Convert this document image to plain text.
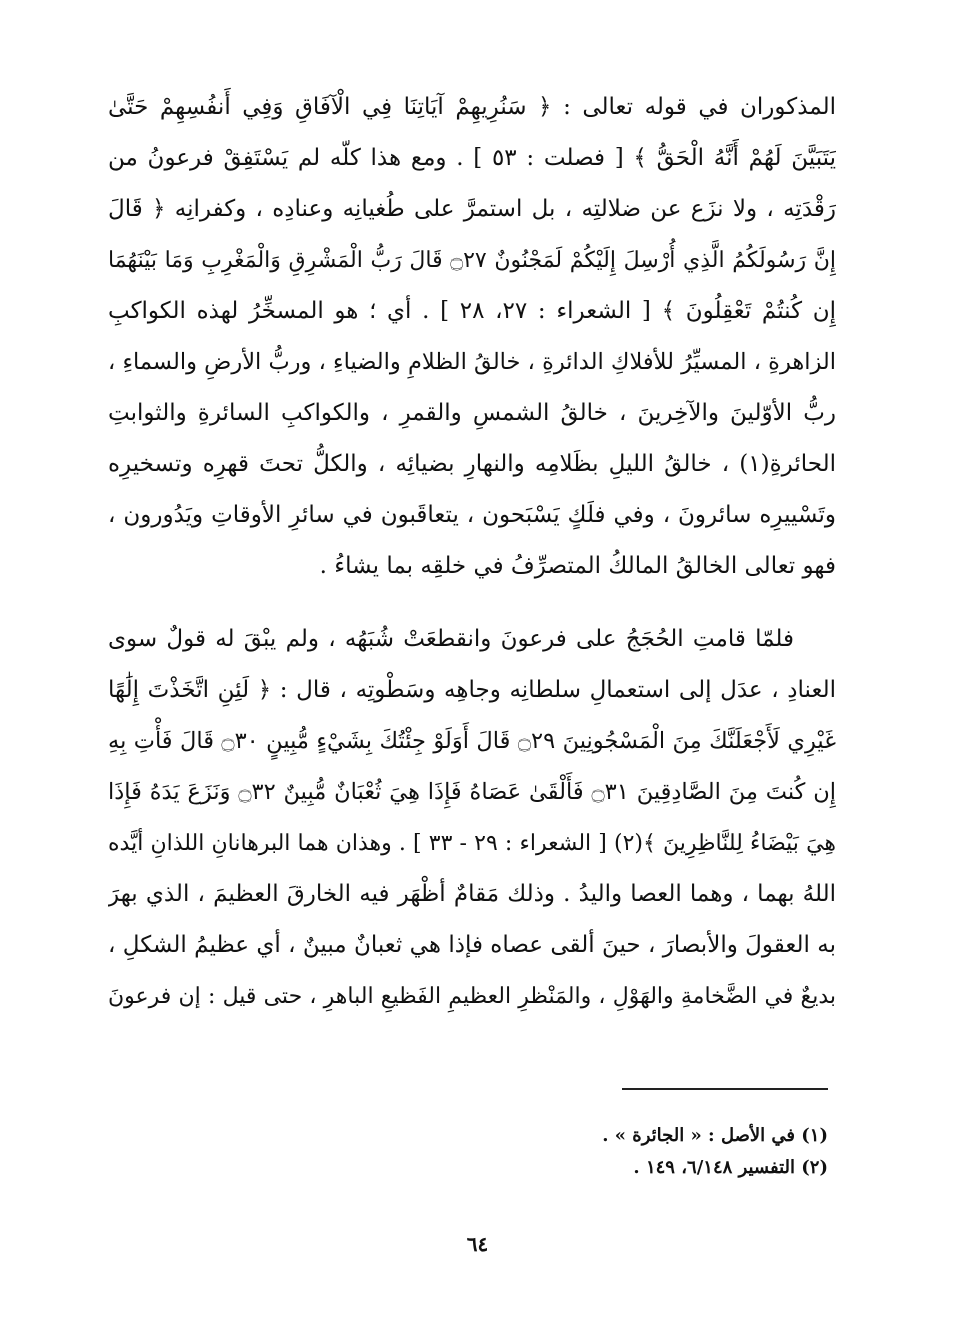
المذكوران في قوله تعالى : ﴿ سَنُرِيهِمْ آيَاتِنَا فِي الْآفَاقِ وَفِي أَنفُسِهِمْ حَتَّىٰ
يَتَبَيَّنَ لَهُمْ أَنَّهُ الْحَقُّ ﴾ [ فصلت : ٥٣ ] . ومع هذا كلّه لم يَسْتَفِقْ فرعونُ من
رَقْدَتِه ، ولا نزَع عن ضلالتِه ، بل استمرَّ على طُغيانِه وعنادِه ، وكفرانِه ﴿ قَالَ
إِنَّ رَسُولَكُمُ الَّذِي أُرْسِلَ إِلَيْكُمْ لَمَجْنُونٌ ۝٢٧ قَالَ رَبُّ الْمَشْرِقِ وَالْمَغْرِبِ وَمَا بَيْنَهُمَا
إِن كُنتُمْ تَعْقِلُونَ ﴾ [ الشعراء : ٢٧، ٢٨ ] . أي ؛ هو المسخِّرُ لهذه الكواكبِ
الزاهرةِ ، المسيِّرُ للأفلاكِ الدائرةِ ، خالقُ الظلامِ والضياءِ ، وربُّ الأرضِ والسماءِ ،
ربُّ الأوّلينَ والآخِرينَ ، خالقُ الشمسِ والقمرِ ، والكواكبِ السائرةِ والثوابتِ
الحائرةِ(١) ، خالقُ الليلِ بظَلامِه والنهارِ بضيائِه ، والكلُّ تحتَ قهرِه وتسخيرِه
وتَسْييرِه سائرونَ ، وفي فلَكٍ يَسْبَحون ، يتعاقَبون في سائرِ الأوقاتِ ويَدُورون ،
فهو تعالى الخالقُ المالكُ المتصرِّفُ في خلقِه بما يشاءُ .
فلمّا قامتِ الحُجَجُ على فرعونَ وانقطعَتْ شُبَهُه ، ولم يبْقَ له قولٌ سوى
العنادِ ، عدَل إلى استعمالِ سلطانِه وجاهِه وسَطْوتِه ، قال : ﴿ لَئِنِ اتَّخَذْتَ إِلَٰهًا
غَيْرِي لَأَجْعَلَنَّكَ مِنَ الْمَسْجُونِينَ ۝٢٩ قَالَ أَوَلَوْ جِئْتُكَ بِشَيْءٍ مُّبِينٍ ۝٣٠ قَالَ فَأْتِ بِهِ
إِن كُنتَ مِنَ الصَّادِقِينَ ۝٣١ فَأَلْقَىٰ عَصَاهُ فَإِذَا هِيَ ثُعْبَانٌ مُّبِينٌ ۝٣٢ وَنَزَعَ يَدَهُ فَإِذَا
هِيَ بَيْضَاءُ لِلنَّاظِرِينَ ﴾(٢) [ الشعراء : ٢٩ - ٣٣ ] . وهذان هما البرهانانِ اللذانِ أيَّده
اللهُ بهما ، وهما العصا واليدُ . وذلك مَقامٌ أظْهَر فيه الخارقَ العظيمَ ، الذي بهرَ
به العقولَ والأبصارَ ، حينَ ألقى عصاه فإذا هي ثعبانٌ مبينٌ ، أي عظيمُ الشكلِ ،
بديعٌ في الضَّخامةِ والهَوْلِ ، والمَنْظرِ العظيمِ الفَظيعِ الباهرِ ، حتى قيل : إن فرعونَ
(١) في الأصل : « الجائرة » .
(٢) التفسير ٦/١٤٨، ١٤٩ .
٦٤
